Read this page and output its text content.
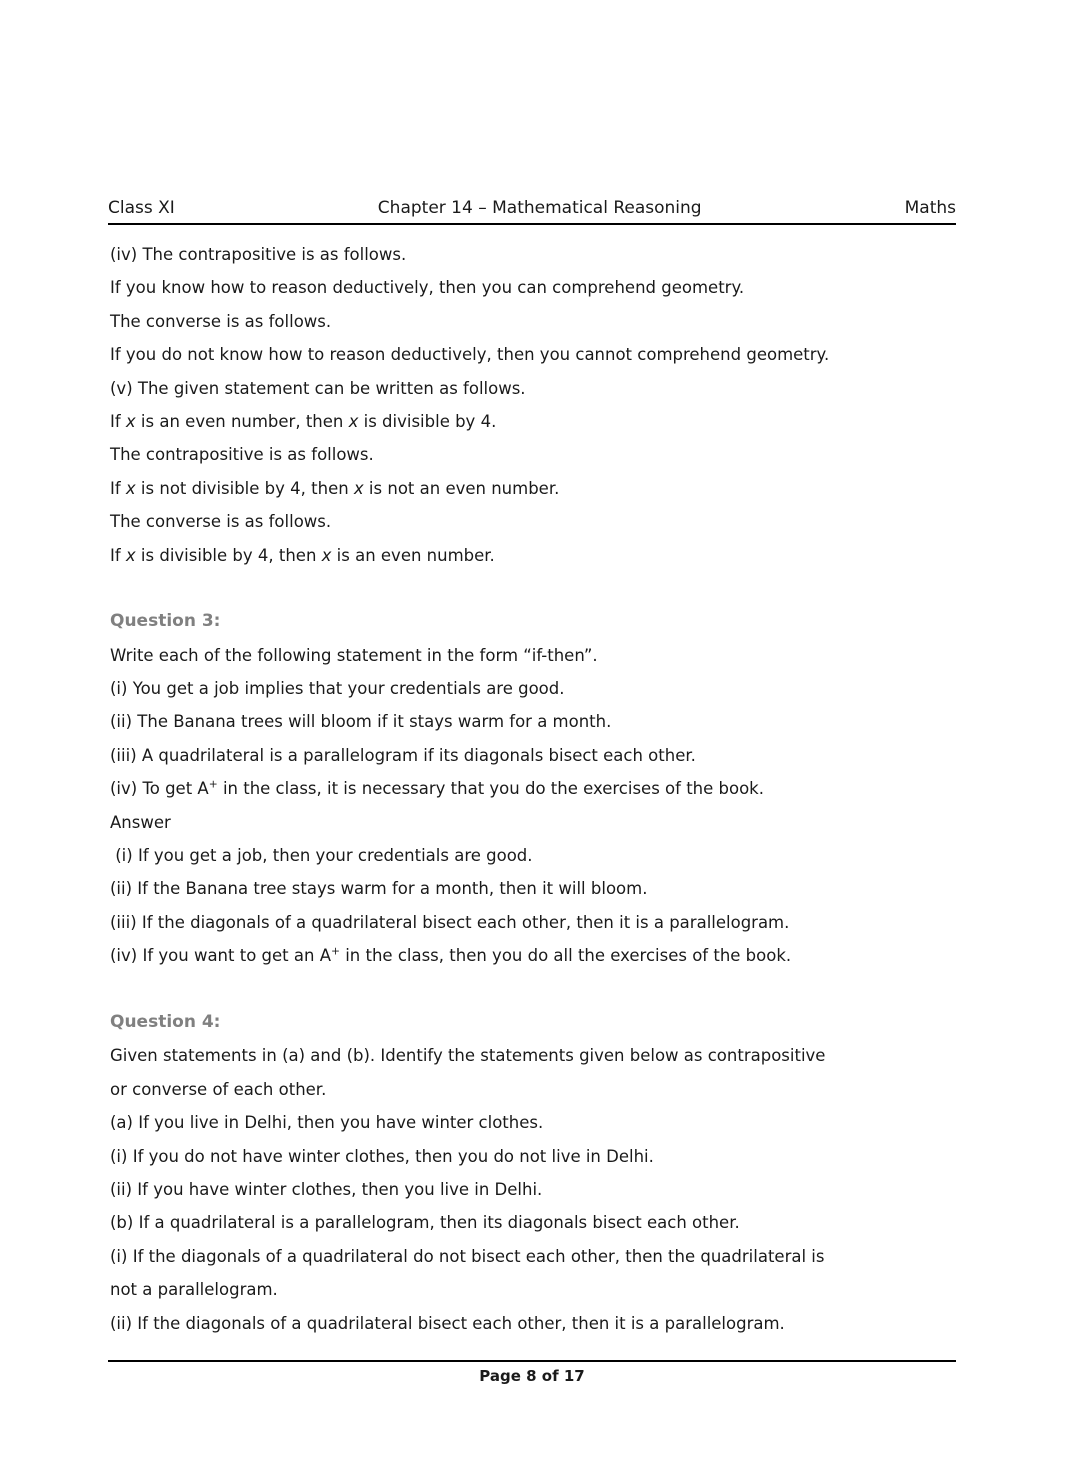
Class XI	Chapter 14 – Mathematical Reasoning	Maths
(iv) The contrapositive is as follows.
If you know how to reason deductively, then you can comprehend geometry.
The converse is as follows.
If you do not know how to reason deductively, then you cannot comprehend geometry.
(v) The given statement can be written as follows.
If x is an even number, then x is divisible by 4.
The contrapositive is as follows.
If x is not divisible by 4, then x is not an even number.
The converse is as follows.
If x is divisible by 4, then x is an even number.
Question 3:
Write each of the following statement in the form “if-then”.
(i) You get a job implies that your credentials are good.
(ii) The Banana trees will bloom if it stays warm for a month.
(iii) A quadrilateral is a parallelogram if its diagonals bisect each other.
(iv) To get A+ in the class, it is necessary that you do the exercises of the book.
Answer
(i) If you get a job, then your credentials are good.
(ii) If the Banana tree stays warm for a month, then it will bloom.
(iii) If the diagonals of a quadrilateral bisect each other, then it is a parallelogram.
(iv) If you want to get an A+ in the class, then you do all the exercises of the book.
Question 4:
Given statements in (a) and (b). Identify the statements given below as contrapositive
or converse of each other.
(a) If you live in Delhi, then you have winter clothes.
(i) If you do not have winter clothes, then you do not live in Delhi.
(ii) If you have winter clothes, then you live in Delhi.
(b) If a quadrilateral is a parallelogram, then its diagonals bisect each other.
(i) If the diagonals of a quadrilateral do not bisect each other, then the quadrilateral is
not a parallelogram.
(ii) If the diagonals of a quadrilateral bisect each other, then it is a parallelogram.
Page 8 of 17
